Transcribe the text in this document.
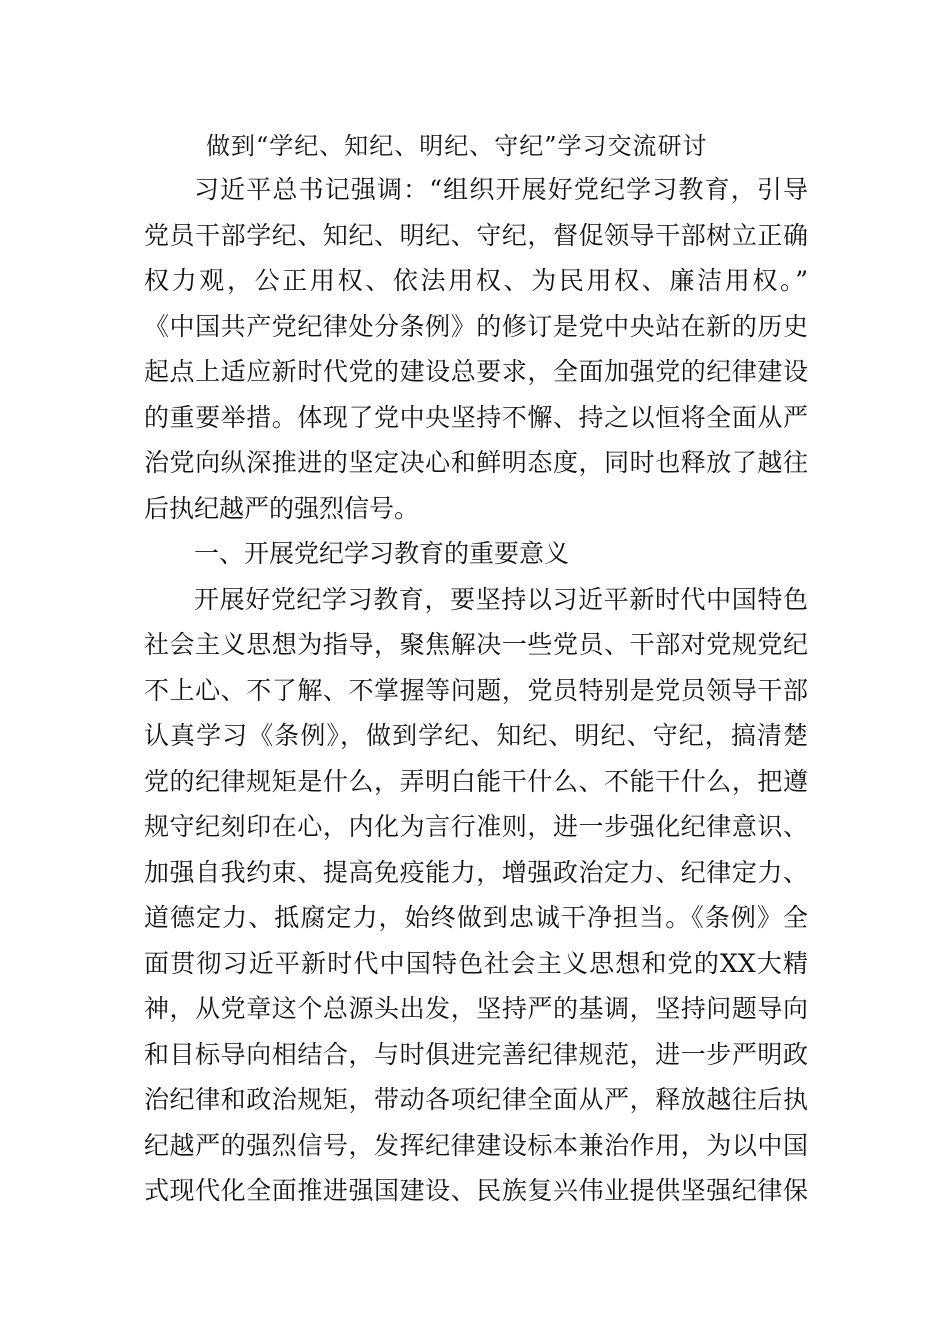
做到“学纪、知纪、明纪、守纪”学习交流研讨
习近平总书记强调：“组织开展好党纪学习教育，引导
党员干部学纪、知纪、明纪、守纪，督促领导干部树立正确
权力观，公正用权、依法用权、为民用权、廉洁用权。”
《中国共产党纪律处分条例》的修订是党中央站在新的历史
起点上适应新时代党的建设总要求，全面加强党的纪律建设
的重要举措。体现了党中央坚持不懈、持之以恒将全面从严
治党向纵深推进的坚定决心和鲜明态度，同时也释放了越往
后执纪越严的强烈信号。
一、开展党纪学习教育的重要意义
开展好党纪学习教育，要坚持以习近平新时代中国特色
社会主义思想为指导，聚焦解决一些党员、干部对党规党纪
不上心、不了解、不掌握等问题，党员特别是党员领导干部
认真学习《条例》，做到学纪、知纪、明纪、守纪，搞清楚
党的纪律规矩是什么，弄明白能干什么、不能干什么，把遵
规守纪刻印在心，内化为言行准则，进一步强化纪律意识、
加强自我约束、提高免疫能力，增强政治定力、纪律定力、
道德定力、抵腐定力，始终做到忠诚干净担当。《条例》全
面贯彻习近平新时代中国特色社会主义思想和党的XX大精
神，从党章这个总源头出发，坚持严的基调，坚持问题导向
和目标导向相结合，与时俱进完善纪律规范，进一步严明政
治纪律和政治规矩，带动各项纪律全面从严，释放越往后执
纪越严的强烈信号，发挥纪律建设标本兼治作用，为以中国
式现代化全面推进强国建设、民族复兴伟业提供坚强纪律保
